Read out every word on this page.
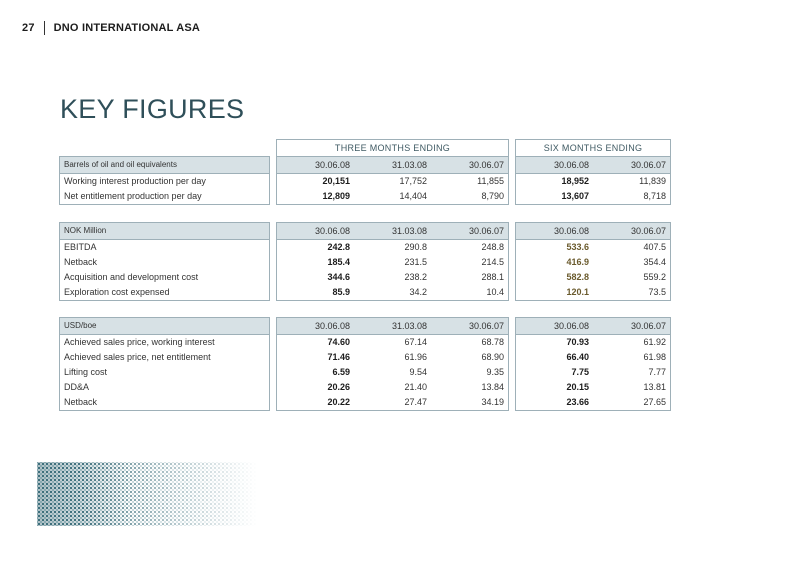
27 DNO INTERNATIONAL ASA
KEY FIGURES
		THREE MONTHS ENDING				SIX MONTHS ENDING	
Barrels of oil and oil equivalents		30.06.08	31.03.08	30.06.07		30.06.08	30.06.07
Working interest production per day		20,151	17,752	11,855		18,952	11,839
Net entitlement production per day		12,809	14,404	8,790		13,607	8,718
NOK Million		30.06.08	31.03.08	30.06.07		30.06.08	30.06.07
EBITDA		242.8	290.8	248.8		533.6	407.5
Netback		185.4	231.5	214.5		416.9	354.4
Acquisition and development cost		344.6	238.2	288.1		582.8	559.2
Exploration cost expensed		85.9	34.2	10.4		120.1	73.5
USD/boe		30.06.08	31.03.08	30.06.07		30.06.08	30.06.07
Achieved sales price, working interest		74.60	67.14	68.78		70.93	61.92
Achieved sales price, net entitlement		71.46	61.96	68.90		66.40	61.98
Lifting cost		6.59	9.54	9.35		7.75	7.77
DD&A		20.26	21.40	13.84		20.15	13.81
Netback		20.22	27.47	34.19		23.66	27.65
